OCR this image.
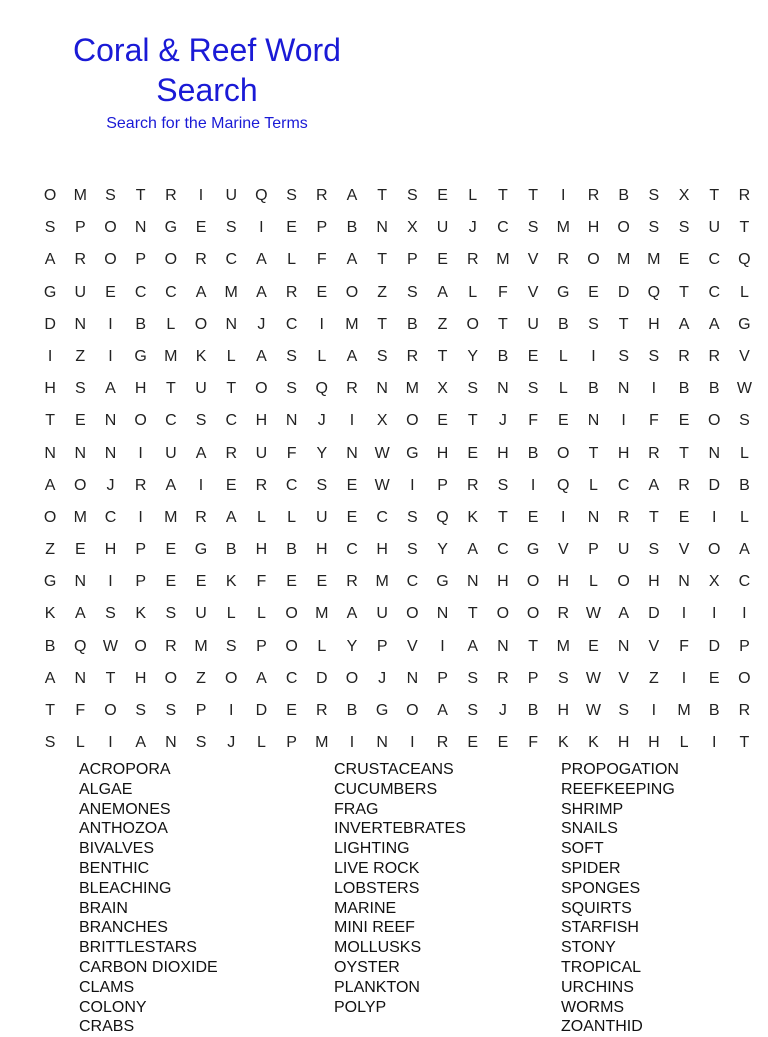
Coral & Reef Word Search
Search for the Marine Terms
O	M	S	T	R	I	U	Q	S	R	A	T	S	E	L	T	T	I	R	B	S	X	T	R
S	P	O	N	G	E	S	I	E	P	B	N	X	U	J	C	S	M	H	O	S	S	U	T
A	R	O	P	O	R	C	A	L	F	A	T	P	E	R	M	V	R	O	M	M	E	C	Q
G	U	E	C	C	A	M	A	R	E	O	Z	S	A	L	F	V	G	E	D	Q	T	C	L
D	N	I	B	L	O	N	J	C	I	M	T	B	Z	O	T	U	B	S	T	H	A	A	G
I	Z	I	G	M	K	L	A	S	L	A	S	R	T	Y	B	E	L	I	S	S	R	R	V
H	S	A	H	T	U	T	O	S	Q	R	N	M	X	S	N	S	L	B	N	I	B	B	W
T	E	N	O	C	S	C	H	N	J	I	X	O	E	T	J	F	E	N	I	F	E	O	S
N	N	N	I	U	A	R	U	F	Y	N	W	G	H	E	H	B	O	T	H	R	T	N	L
A	O	J	R	A	I	E	R	C	S	E	W	I	P	R	S	I	Q	L	C	A	R	D	B
O	M	C	I	M	R	A	L	L	U	E	C	S	Q	K	T	E	I	N	R	T	E	I	L
Z	E	H	P	E	G	B	H	B	H	C	H	S	Y	A	C	G	V	P	U	S	V	O	A
G	N	I	P	E	E	K	F	E	E	R	M	C	G	N	H	O	H	L	O	H	N	X	C
K	A	S	K	S	U	L	L	O	M	A	U	O	N	T	O	O	R	W	A	D	I	I	I
B	Q	W	O	R	M	S	P	O	L	Y	P	V	I	A	N	T	M	E	N	V	F	D	P
A	N	T	H	O	Z	O	A	C	D	O	J	N	P	S	R	P	S	W	V	Z	I	E	O
T	F	O	S	S	P	I	D	E	R	B	G	O	A	S	J	B	H	W	S	I	M	B	R
S	L	I	A	N	S	J	L	P	M	I	N	I	R	E	E	F	K	K	H	H	L	I	T
ACROPORA
ALGAE
ANEMONES
ANTHOZOA
BIVALVES
BENTHIC
BLEACHING
BRAIN
BRANCHES
BRITTLESTARS
CARBON DIOXIDE
CLAMS
COLONY
CRABS
CRUSTACEANS
CUCUMBERS
FRAG
INVERTEBRATES
LIGHTING
LIVE ROCK
LOBSTERS
MARINE
MINI REEF
MOLLUSKS
OYSTER
PLANKTON
POLYP
PROPOGATION
REEFKEEPING
SHRIMP
SNAILS
SOFT
SPIDER
SPONGES
SQUIRTS
STARFISH
STONY
TROPICAL
URCHINS
WORMS
ZOANTHID
